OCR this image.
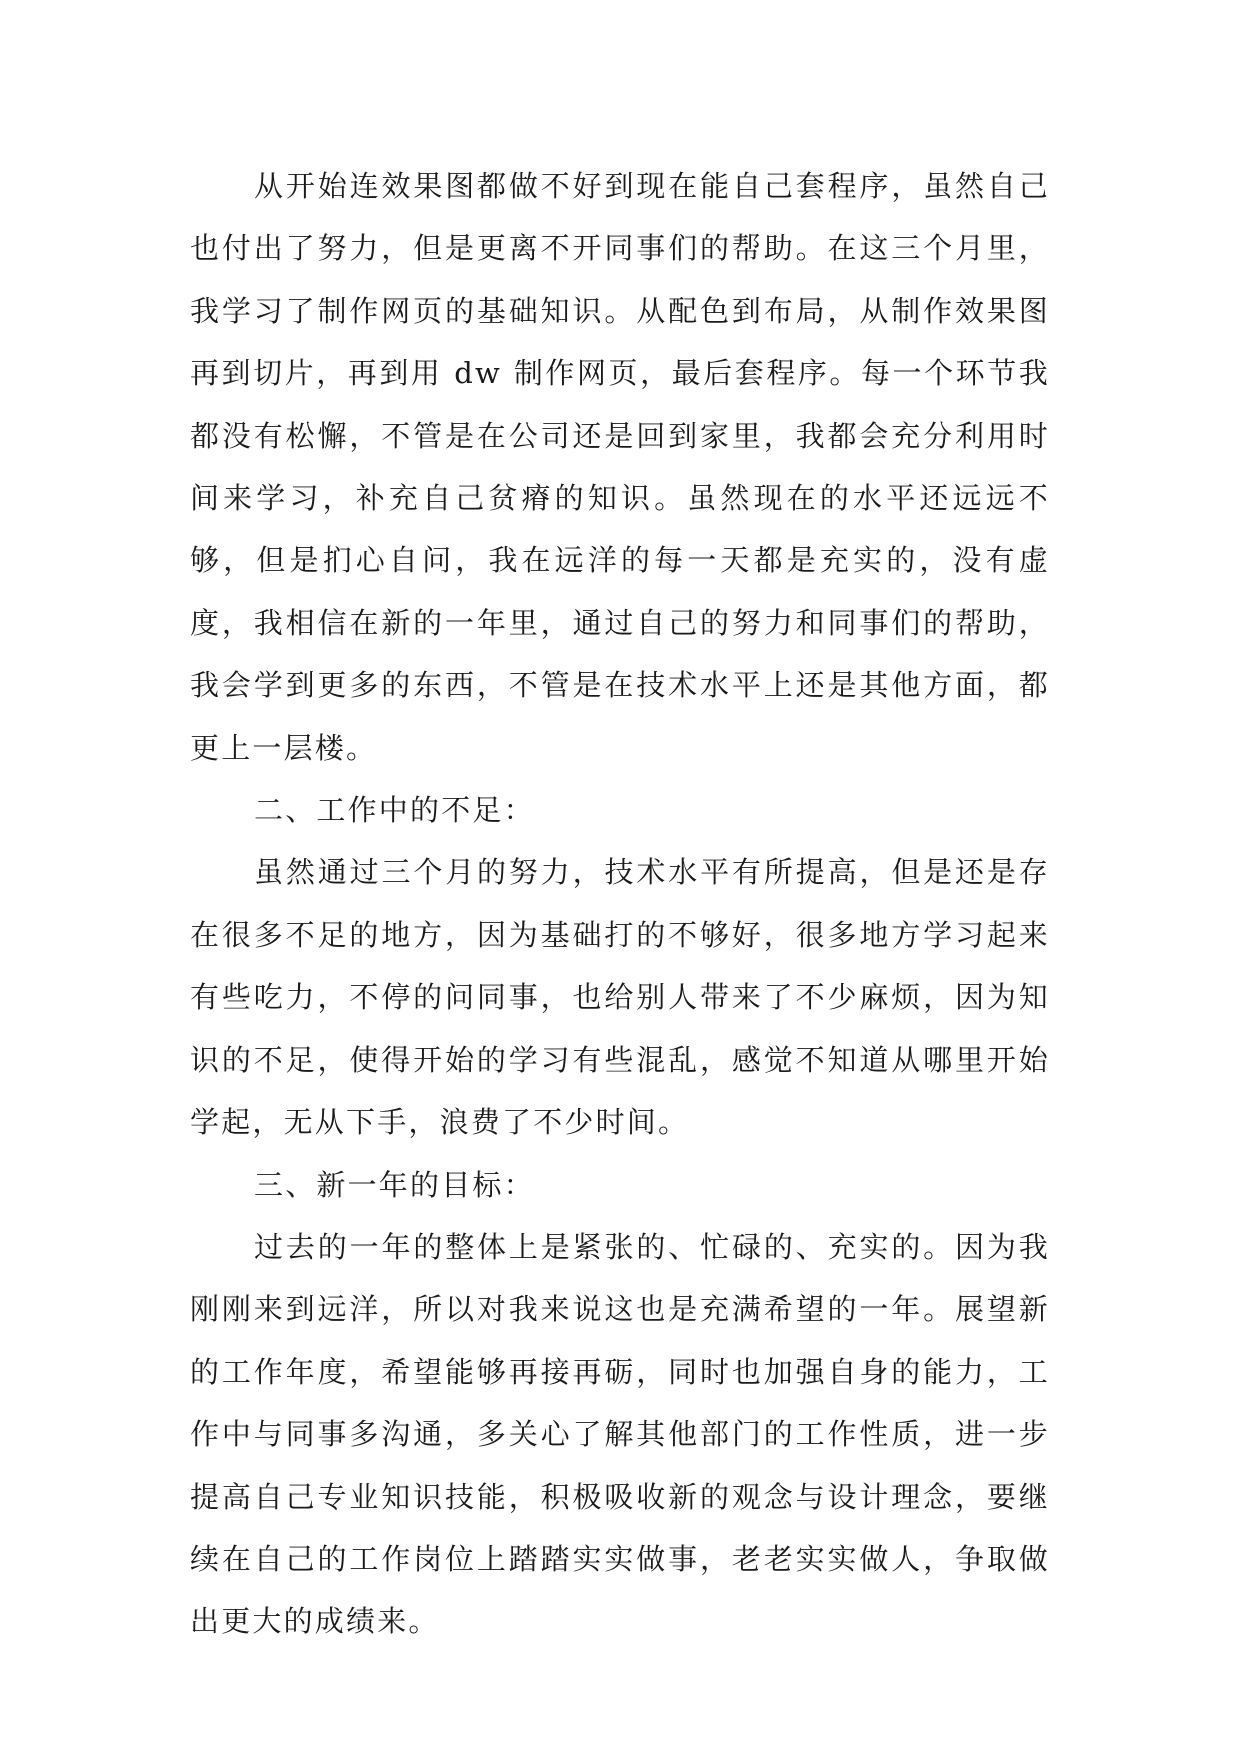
从开始连效果图都做不好到现在能自己套程序，虽然自己也付出了努力，但是更离不开同事们的帮助。在这三个月里，我学习了制作网页的基础知识。从配色到布局，从制作效果图再到切片，再到用 dw 制作网页，最后套程序。每一个环节我都没有松懈，不管是在公司还是回到家里，我都会充分利用时间来学习，补充自己贫瘠的知识。虽然现在的水平还远远不够，但是扪心自问，我在远洋的每一天都是充实的，没有虚度，我相信在新的一年里，通过自己的努力和同事们的帮助，我会学到更多的东西，不管是在技术水平上还是其他方面，都更上一层楼。

二、工作中的不足：

虽然通过三个月的努力，技术水平有所提高，但是还是存在很多不足的地方，因为基础打的不够好，很多地方学习起来有些吃力，不停的问同事，也给别人带来了不少麻烦，因为知识的不足，使得开始的学习有些混乱，感觉不知道从哪里开始学起，无从下手，浪费了不少时间。

三、新一年的目标：

过去的一年的整体上是紧张的、忙碌的、充实的。因为我刚刚来到远洋，所以对我来说这也是充满希望的一年。展望新的工作年度，希望能够再接再砺，同时也加强自身的能力，工作中与同事多沟通，多关心了解其他部门的工作性质，进一步提高自己专业知识技能，积极吸收新的观念与设计理念，要继续在自己的工作岗位上踏踏实实做事，老老实实做人，争取做出更大的成绩来。
